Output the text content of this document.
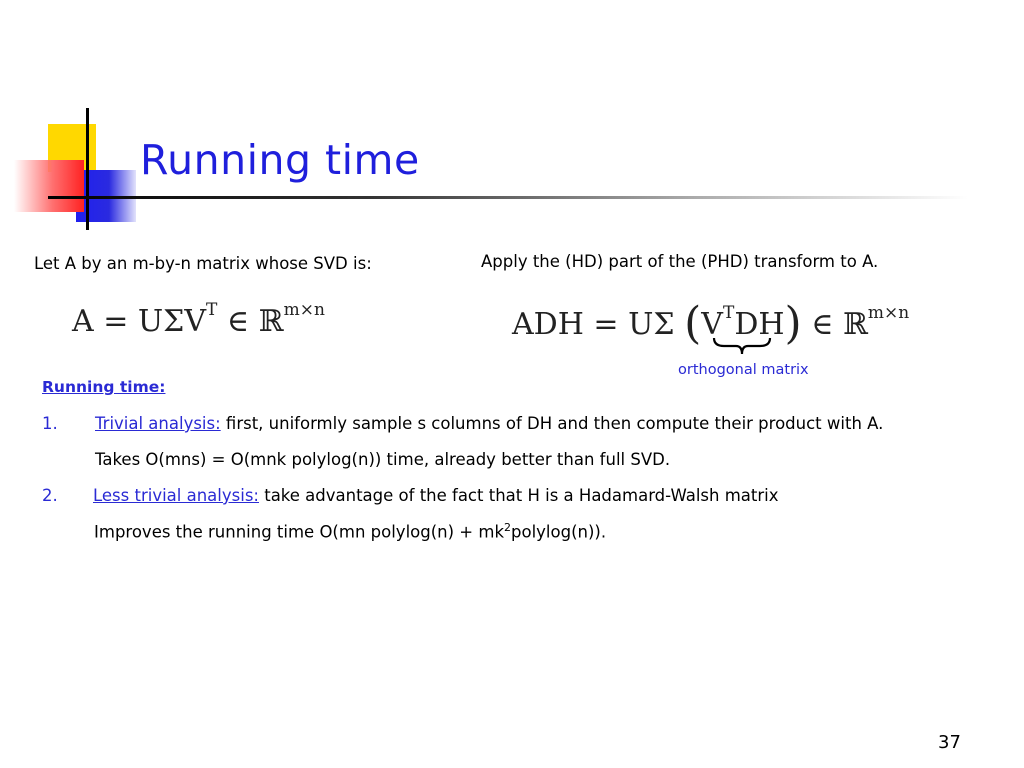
Running time
Let A by an m-by-n matrix whose SVD is:
$A = U\Sigma V^T$ ∈ ℝ$^{m\times n}$
Apply the (HD) part of the (PHD) transform to A.
ADH = UΣ $(V^TDH)$ ∈ ℝ$^{m\times n}$
orthogonal matrix
Running time:
1. Trivial analysis: first, uniformly sample s columns of DH and then compute their product with A.
Takes O(mns) = O(mnk polylog(n)) time, already better than full SVD.
2. Less trivial analysis: take advantage of the fact that H is a Hadamard-Walsh matrix
Improves the running time O(mn polylog(n) + $mk^2polylog(n)$).
37
